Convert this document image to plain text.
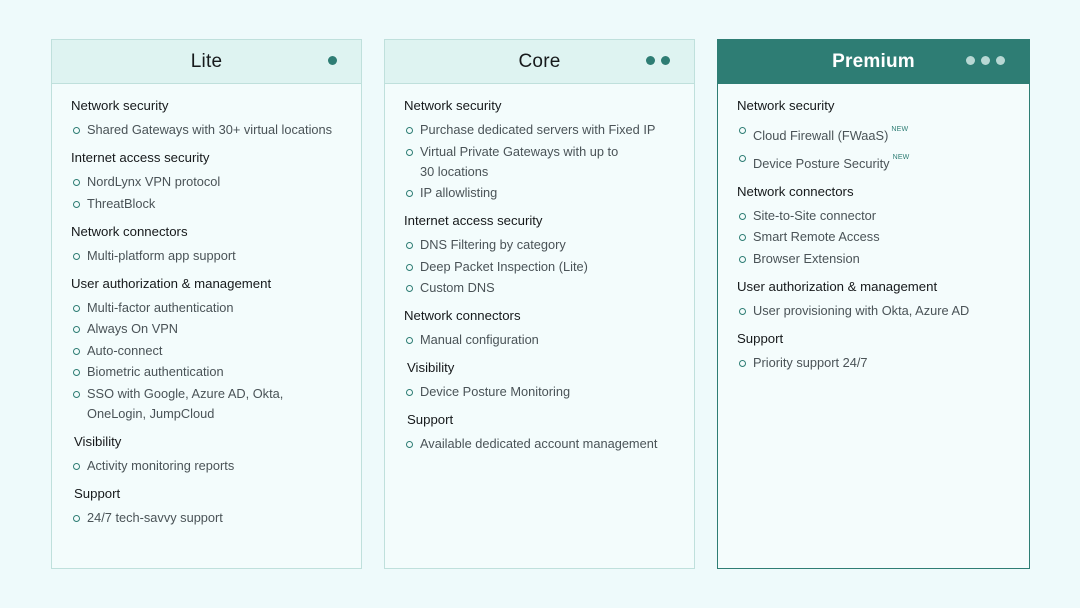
Lite
Network security
Shared Gateways with 30+ virtual locations
Internet access security
NordLynx VPN protocol
ThreatBlock
Network connectors
Multi-platform app support
User authorization & management
Multi-factor authentication
Always On VPN
Auto-connect
Biometric authentication
SSO with Google, Azure AD, Okta, OneLogin, JumpCloud
Visibility
Activity monitoring reports
Support
24/7 tech-savvy support
Core
Network security
Purchase dedicated servers with Fixed IP
Virtual Private Gateways with up to 30 locations
IP allowlisting
Internet access security
DNS Filtering by category
Deep Packet Inspection (Lite)
Custom DNS
Network connectors
Manual configuration
Visibility
Device Posture Monitoring
Support
Available dedicated account management
Premium
Network security
Cloud Firewall (FWaaS) $^{NEW}$
Device Posture Security $^{NEW}$
Network connectors
Site-to-Site connector
Smart Remote Access
Browser Extension
User authorization & management
User provisioning with Okta, Azure AD
Support
Priority support 24/7
